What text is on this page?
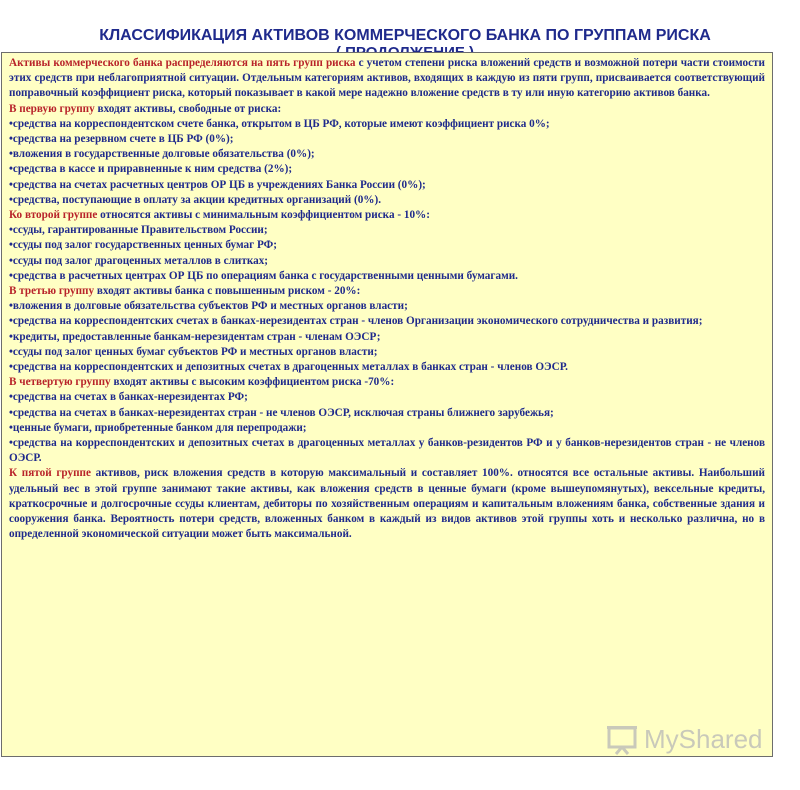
КЛАССИФИКАЦИЯ АКТИВОВ КОММЕРЧЕСКОГО БАНКА ПО ГРУППАМ РИСКА

Активы коммерческого банка распределяются на пять групп риска с учетом степени риска вложений средств и возможной потери части стоимости этих средств при неблагоприятной ситуации. Отдельным категориям активов, входящих в каждую из пяти групп, присваивается соответствующий поправочный коэффициент риска, который показывает в какой мере надежно вложение средств в ту или иную категорию активов банка.

В первую группу входят активы, свободные от риска:

•средства на корреспондентском счете банка, открытом в ЦБ РФ, которые имеют коэффициент риска 0%;

•средства на резервном счете в ЦБ РФ (0%);

•вложения в государственные долговые обязательства (0%);

•средства в кассе и приравненные к ним средства (2%);

•средства на счетах расчетных центров ОР ЦБ в учреждениях Банка России (0%);

•средства, поступающие в оплату за акции кредитных организаций (0%).

Ко второй группе относятся активы с минимальным коэффициентом риска - 10%:

•ссуды, гарантированные Правительством России;

•ссуды под залог государственных ценных бумаг РФ;

•ссуды под залог драгоценных металлов в слитках;

•средства в расчетных центрах ОР ЦБ по операциям банка с государственными ценными бумагами.

В третью группу входят активы банка с повышенным риском - 20%:

•вложения в долговые обязательства субъектов РФ и местных органов власти;

•средства на корреспондентских счетах в банках-нерезидентах стран - членов Организации экономического сотрудничества и развития;

•кредиты, предоставленные банкам-нерезидентам стран - членам ОЭСР;

•ссуды под залог ценных бумаг субъектов РФ и местных органов власти;

•средства на корреспондентских и депозитных счетах в драгоценных металлах в банках стран - членов ОЭСР.

В четвертую группу входят активы с высоким коэффициентом риска -70%:

•средства на счетах в банках-нерезидентах РФ;

•средства на счетах в банках-нерезидентах стран - не членов ОЭСР, исключая страны ближнего зарубежья;

•ценные бумаги, приобретенные банком для перепродажи;

•средства на корреспондентских и депозитных счетах в драгоценных металлах у банков-резидентов РФ и у банков-нерезидентов стран - не членов ОЭСР.

К пятой группе активов, риск вложения средств в которую максимальный и составляет 100%. относятся все остальные активы. Наибольший удельный вес в этой группе занимают такие активы, как вложения средств в ценные бумаги (кроме вышеупомянутых), вексельные кредиты, краткосрочные и долгосрочные ссуды клиентам, дебиторы по хозяйственным операциям и капитальным вложениям банка, собственные здания и сооружения банка. Вероятность потери средств, вложенных банком в каждый из видов активов этой группы хоть и несколько различна, но в определенной экономической ситуации может быть максимальной.

MyShared
